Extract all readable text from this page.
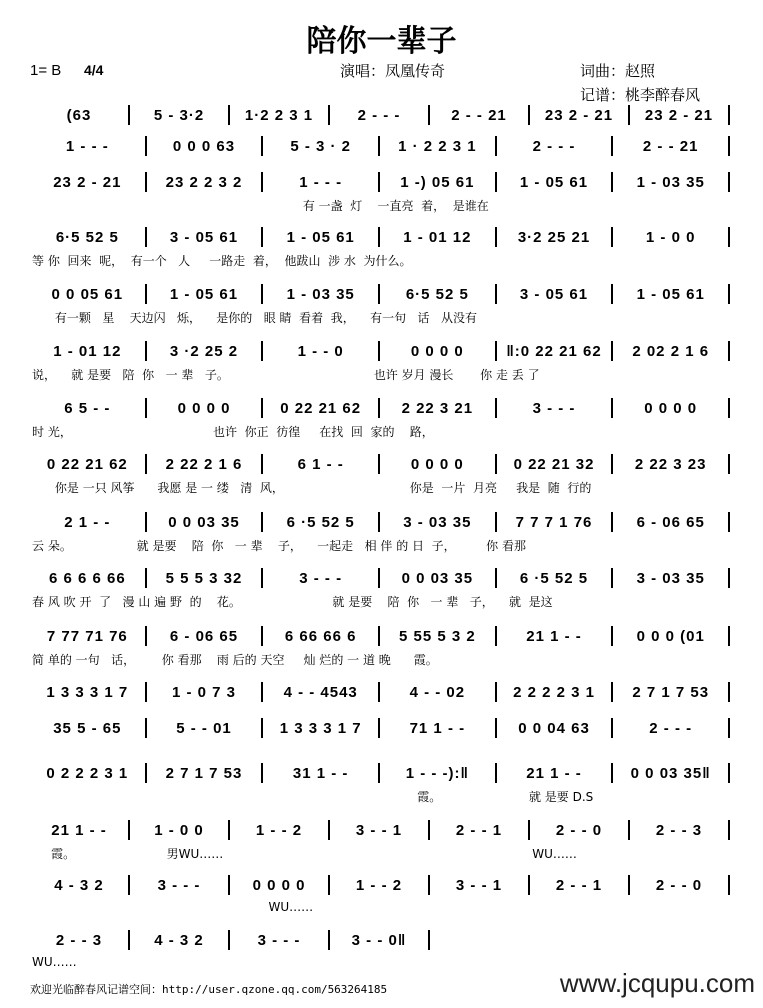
陪你一辈子
1= B 4/4	演唱：凤凰传奇	词曲：赵照
记谱：桃李醉春风
(63	5 - 3·2	1·2 2 3 1	2 - - -	2 - - 21	23 2 - 21	23 2 - 21
1 - - -	0 0 0 63	5 - 3 · 2	1 · 2 2 3 1	2 - - -	2 - - 21
23 2 - 21	23 2 2 3 2	1 - - -	1 -) 05 61	1 - 05 61	1 - 03 35
有 一盏  灯    一直亮  着，  是谁在
6·5 52 5	3 - 05 61	1 - 05 61	1 - 01 12	3·2 25 21	1 - 0 0
等 你  回来  呢，  有一个   人     一路走  着，  他跋山  涉 水  为什么。
0 0 05 61	1 - 05 61	1 - 03 35	6·5 52 5	3 - 05 61	1 - 05 61
有一颗   星    天边闪   烁，    是你的   眼 睛  看着  我，    有一句   话   从没有
1 - 01 12	3 ·2 25 2	1 - - 0	0 0 0 0	‖:0 22 21 62	2 02 2 1 6
说，    就 是要   陪  你   一 辈   子。                                      也许 岁月 漫长       你 走 丢 了
6 5 - -	0 0 0 0	0 22 21 62	2 22 3 21	3 - - -	0 0 0 0
时 光，                                     也许  你正  彷徨     在找  回  家的    路，
0 22 21 62	2 22 2 1 6	6 1 - -	0 0 0 0	0 22 21 32	2 22 3 23
你是 一只 风筝      我愿 是 一 缕   清  风，                                 你是  一片  月亮     我是  随  行的
2 1 - -	0 0 03 35	6 ·5 52 5	3 - 03 35	7 7 7 1 76	6 - 06 65
云 朵。                 就 是要    陪  你   一 辈    子，    一起走   相 伴 的 日  子，        你 看那
6 6 6 6 66	5 5 5 3 32	3 - - -	0 0 03 35	6 ·5 52 5	3 - 03 35
春 风 吹 开  了   漫 山 遍 野  的    花。                        就 是要    陪  你   一 辈   子，    就  是这
7 77 71 76	6 - 06 65	6 66 66 6	5 55 5 3 2	21 1 - -	0 0 0 (01
简 单的 一句   话，       你 看那    雨 后的 天空     灿 烂的 一 道 晚      霞。
1 3 3 3 1 7	1 - 0 7 3	4 - - 4543	4 - - 02	2 2 2 2 3 1	2 7 1 7 53
35 5 - 65	5 - - 01	1 3 3 3 1 7	71 1 - -	0 0 04 63	2 - - -
0 2 2 2 3 1	2 7 1 7 53	31 1 - -	1 - - -):‖	21 1 - -	0 0 03 35‖
霞。                       就 是要 D.S
21 1 - -	1 - 0 0	1 - - 2	3 - - 1	2 - - 1	2 - - 0	2 - - 3
霞。                        男WU……                                                                                 WU……
4 - 3 2	3 - - -	0 0 0 0	1 - - 2	3 - - 1	2 - - 1	2 - - 0
WU……
2 - - 3	4 - 3 2	3 - - -	3 - - 0‖
WU……
欢迎光临醉春风记谱空间：http://user.qzone.qq.com/563264185	www.jcqupu.com
